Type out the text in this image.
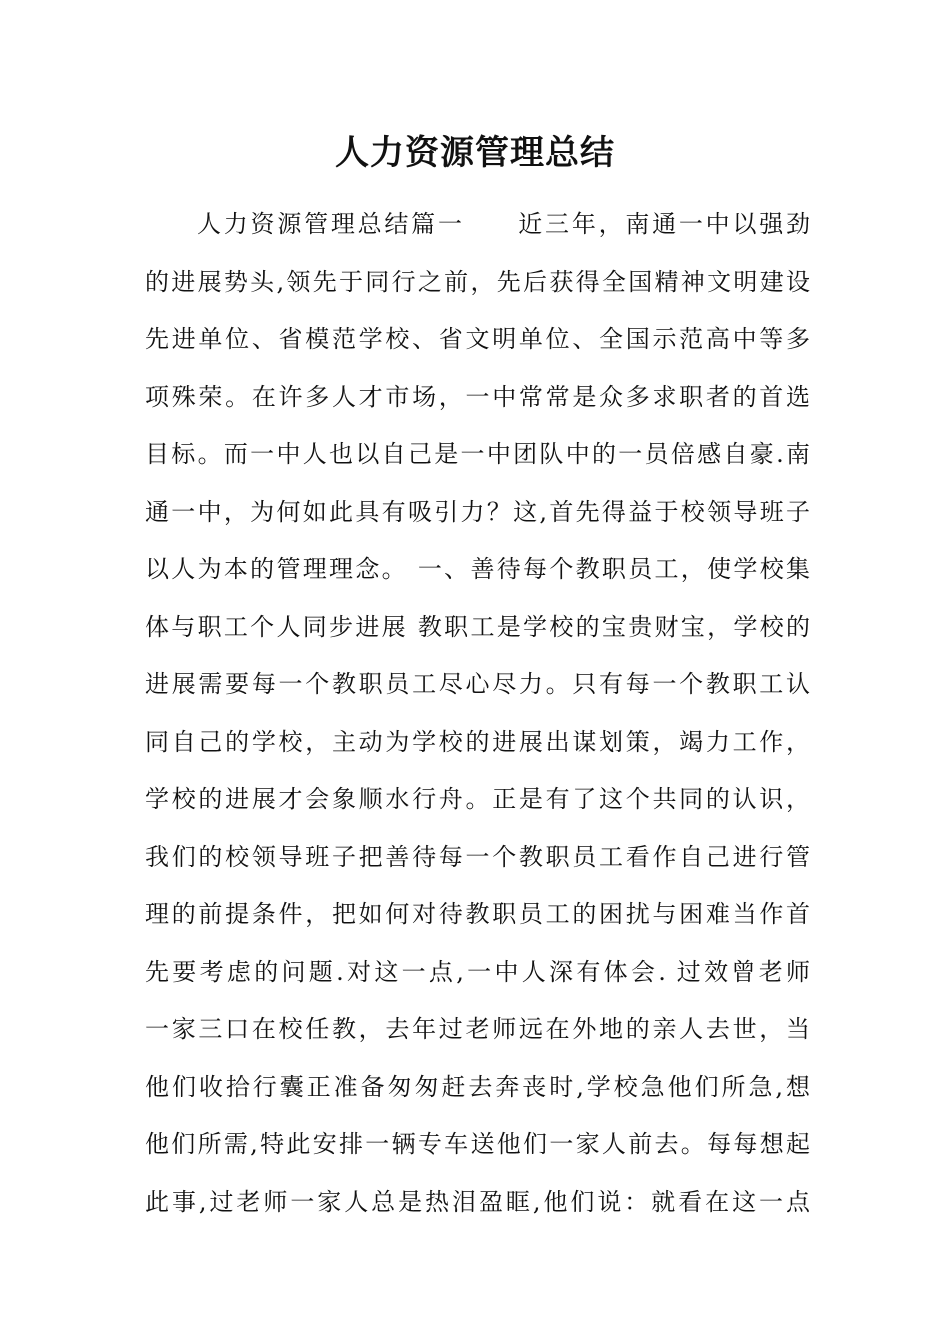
人力资源管理总结
人力资源管理总结篇一　　近三年，南通一中以强劲
的进展势头,领先于同行之前，先后获得全国精神文明建设
先进单位、省模范学校、省文明单位、全国示范高中等多
项殊荣。在许多人才市场，一中常常是众多求职者的首选
目标。而一中人也以自己是一中团队中的一员倍感自豪.南
通一中，为何如此具有吸引力？这,首先得益于校领导班子
以人为本的管理理念。 一、善待每个教职员工，使学校集
体与职工个人同步进展 教职工是学校的宝贵财宝，学校的
进展需要每一个教职员工尽心尽力。只有每一个教职工认
同自己的学校，主动为学校的进展出谋划策，竭力工作，
学校的进展才会象顺水行舟。正是有了这个共同的认识，
我们的校领导班子把善待每一个教职员工看作自己进行管
理的前提条件，把如何对待教职员工的困扰与困难当作首
先要考虑的问题.对这一点,一中人深有体会. 过效曾老师
一家三口在校任教，去年过老师远在外地的亲人去世，当
他们收拾行囊正准备匆匆赶去奔丧时,学校急他们所急,想
他们所需,特此安排一辆专车送他们一家人前去。每每想起
此事,过老师一家人总是热泪盈眶,他们说：就看在这一点
